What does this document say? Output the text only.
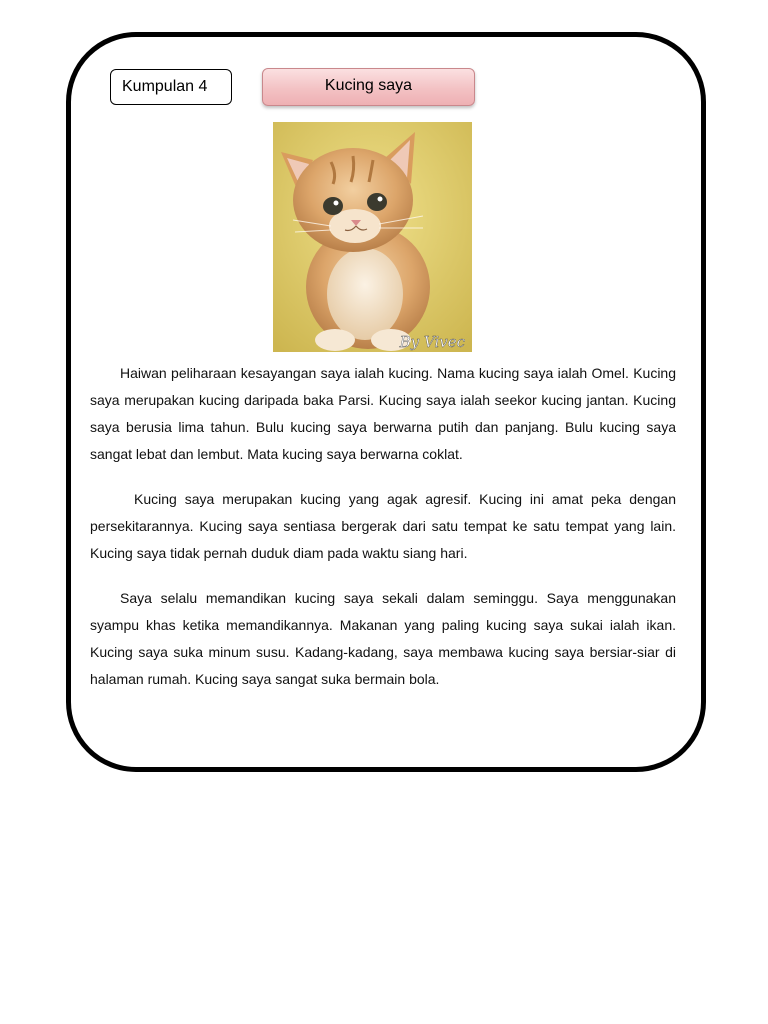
Kumpulan 4	Kucing saya
By Vivec

Haiwan peliharaan kesayangan saya ialah kucing. Nama kucing saya ialah Omel. Kucing saya merupakan kucing daripada baka Parsi. Kucing saya ialah seekor kucing jantan. Kucing saya berusia lima tahun. Bulu kucing saya berwarna putih dan panjang. Bulu kucing saya sangat lebat dan lembut. Mata kucing saya berwarna coklat.

Kucing saya merupakan kucing yang agak agresif. Kucing ini amat peka dengan persekitarannya. Kucing saya sentiasa bergerak dari satu tempat ke satu tempat yang lain. Kucing saya tidak pernah duduk diam pada waktu siang hari.

Saya selalu memandikan kucing saya sekali dalam seminggu. Saya menggunakan syampu khas ketika memandikannya. Makanan yang paling kucing saya sukai ialah ikan. Kucing saya suka minum susu. Kadang-kadang, saya membawa kucing saya bersiar-siar di halaman rumah. Kucing saya sangat suka bermain bola.
